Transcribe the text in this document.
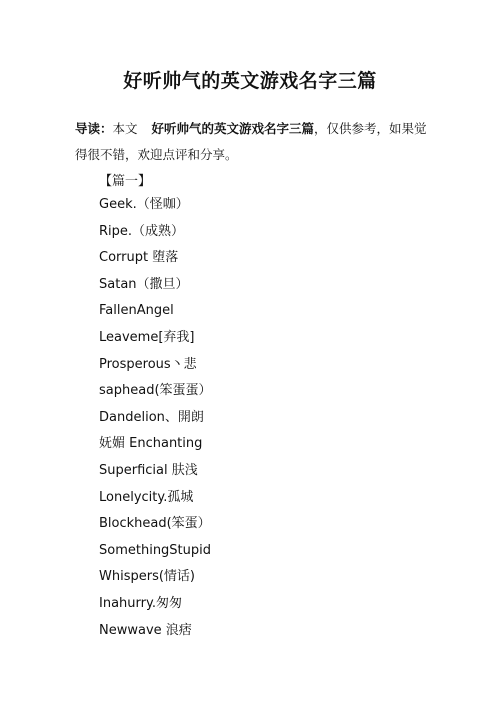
好听帅气的英文游戏名字三篇
导读：本文 好听帅气的英文游戏名字三篇，仅供参考，如果觉得很不错，欢迎点评和分享。
【篇一】
Geek.（怪咖）
Ripe.（成熟）
Corrupt 堕落
Satan（撒旦）
FallenAngel
Leaveme[弃我]
Prosperous丶悲
saphead(笨蛋蛋）
Dandelion、開朗
妩媚 Enchanting
Superficial 肤浅
Lonelycity.孤城
Blockhead(笨蛋）
SomethingStupid
Whispers(情话)
Inahurry.匆匆
Newwave 浪痞
